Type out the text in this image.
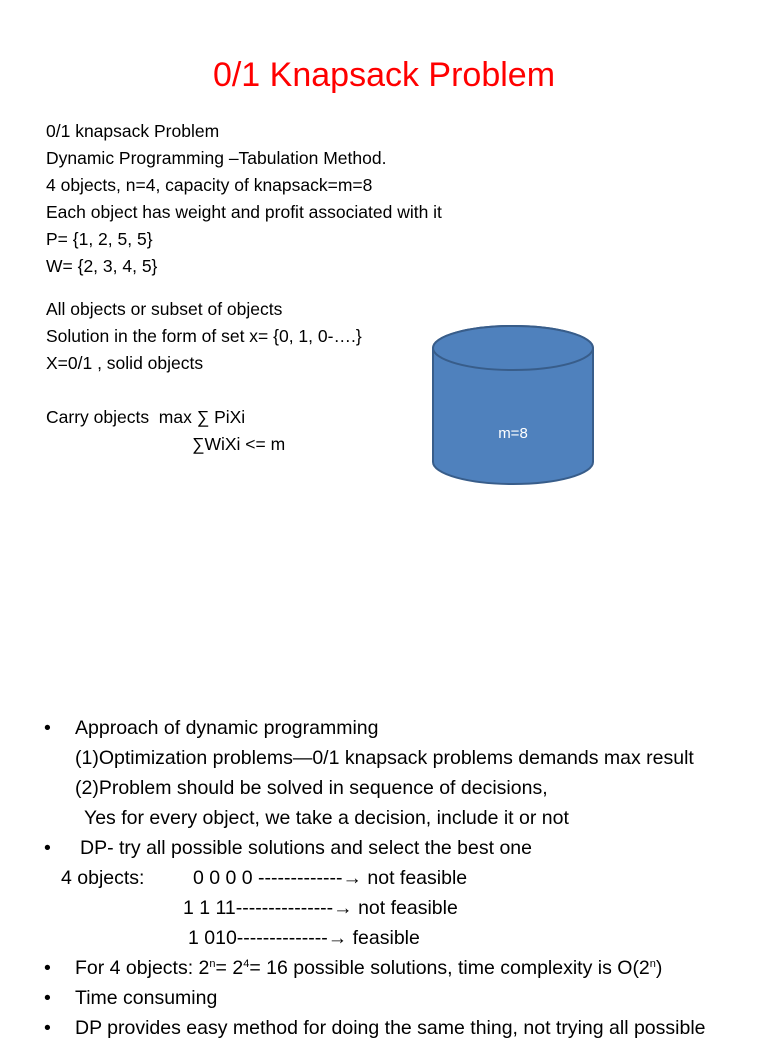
0/1 Knapsack Problem
0/1 knapsack Problem
Dynamic Programming –Tabulation Method.
4 objects, n=4, capacity of knapsack=m=8
Each object has weight and profit associated with it
P= {1, 2, 5, 5}
W= {2, 3, 4, 5}
All objects or subset of objects
Solution in the form of set x= {0, 1, 0-….}
X=0/1 , solid objects
Carry objects  max ∑ PiXi
∑WiXi <= m
m=8
• Approach of dynamic programming
(1)Optimization problems—0/1 knapsack problems demands max result
(2)Problem should be solved in sequence of decisions,
Yes for every object, we take a decision, include it or not
• DP- try all possible solutions and select the best one
4 objects: 0 0 0 0 -------------→ not feasible
1 1 11---------------→ not feasible
1 010--------------→ feasible
• For 4 objects: $2^n= 2^4= 16$ possible solutions, time complexity is O(2$^n$)
• Time consuming
• DP provides easy method for doing the same thing, not trying all possible
